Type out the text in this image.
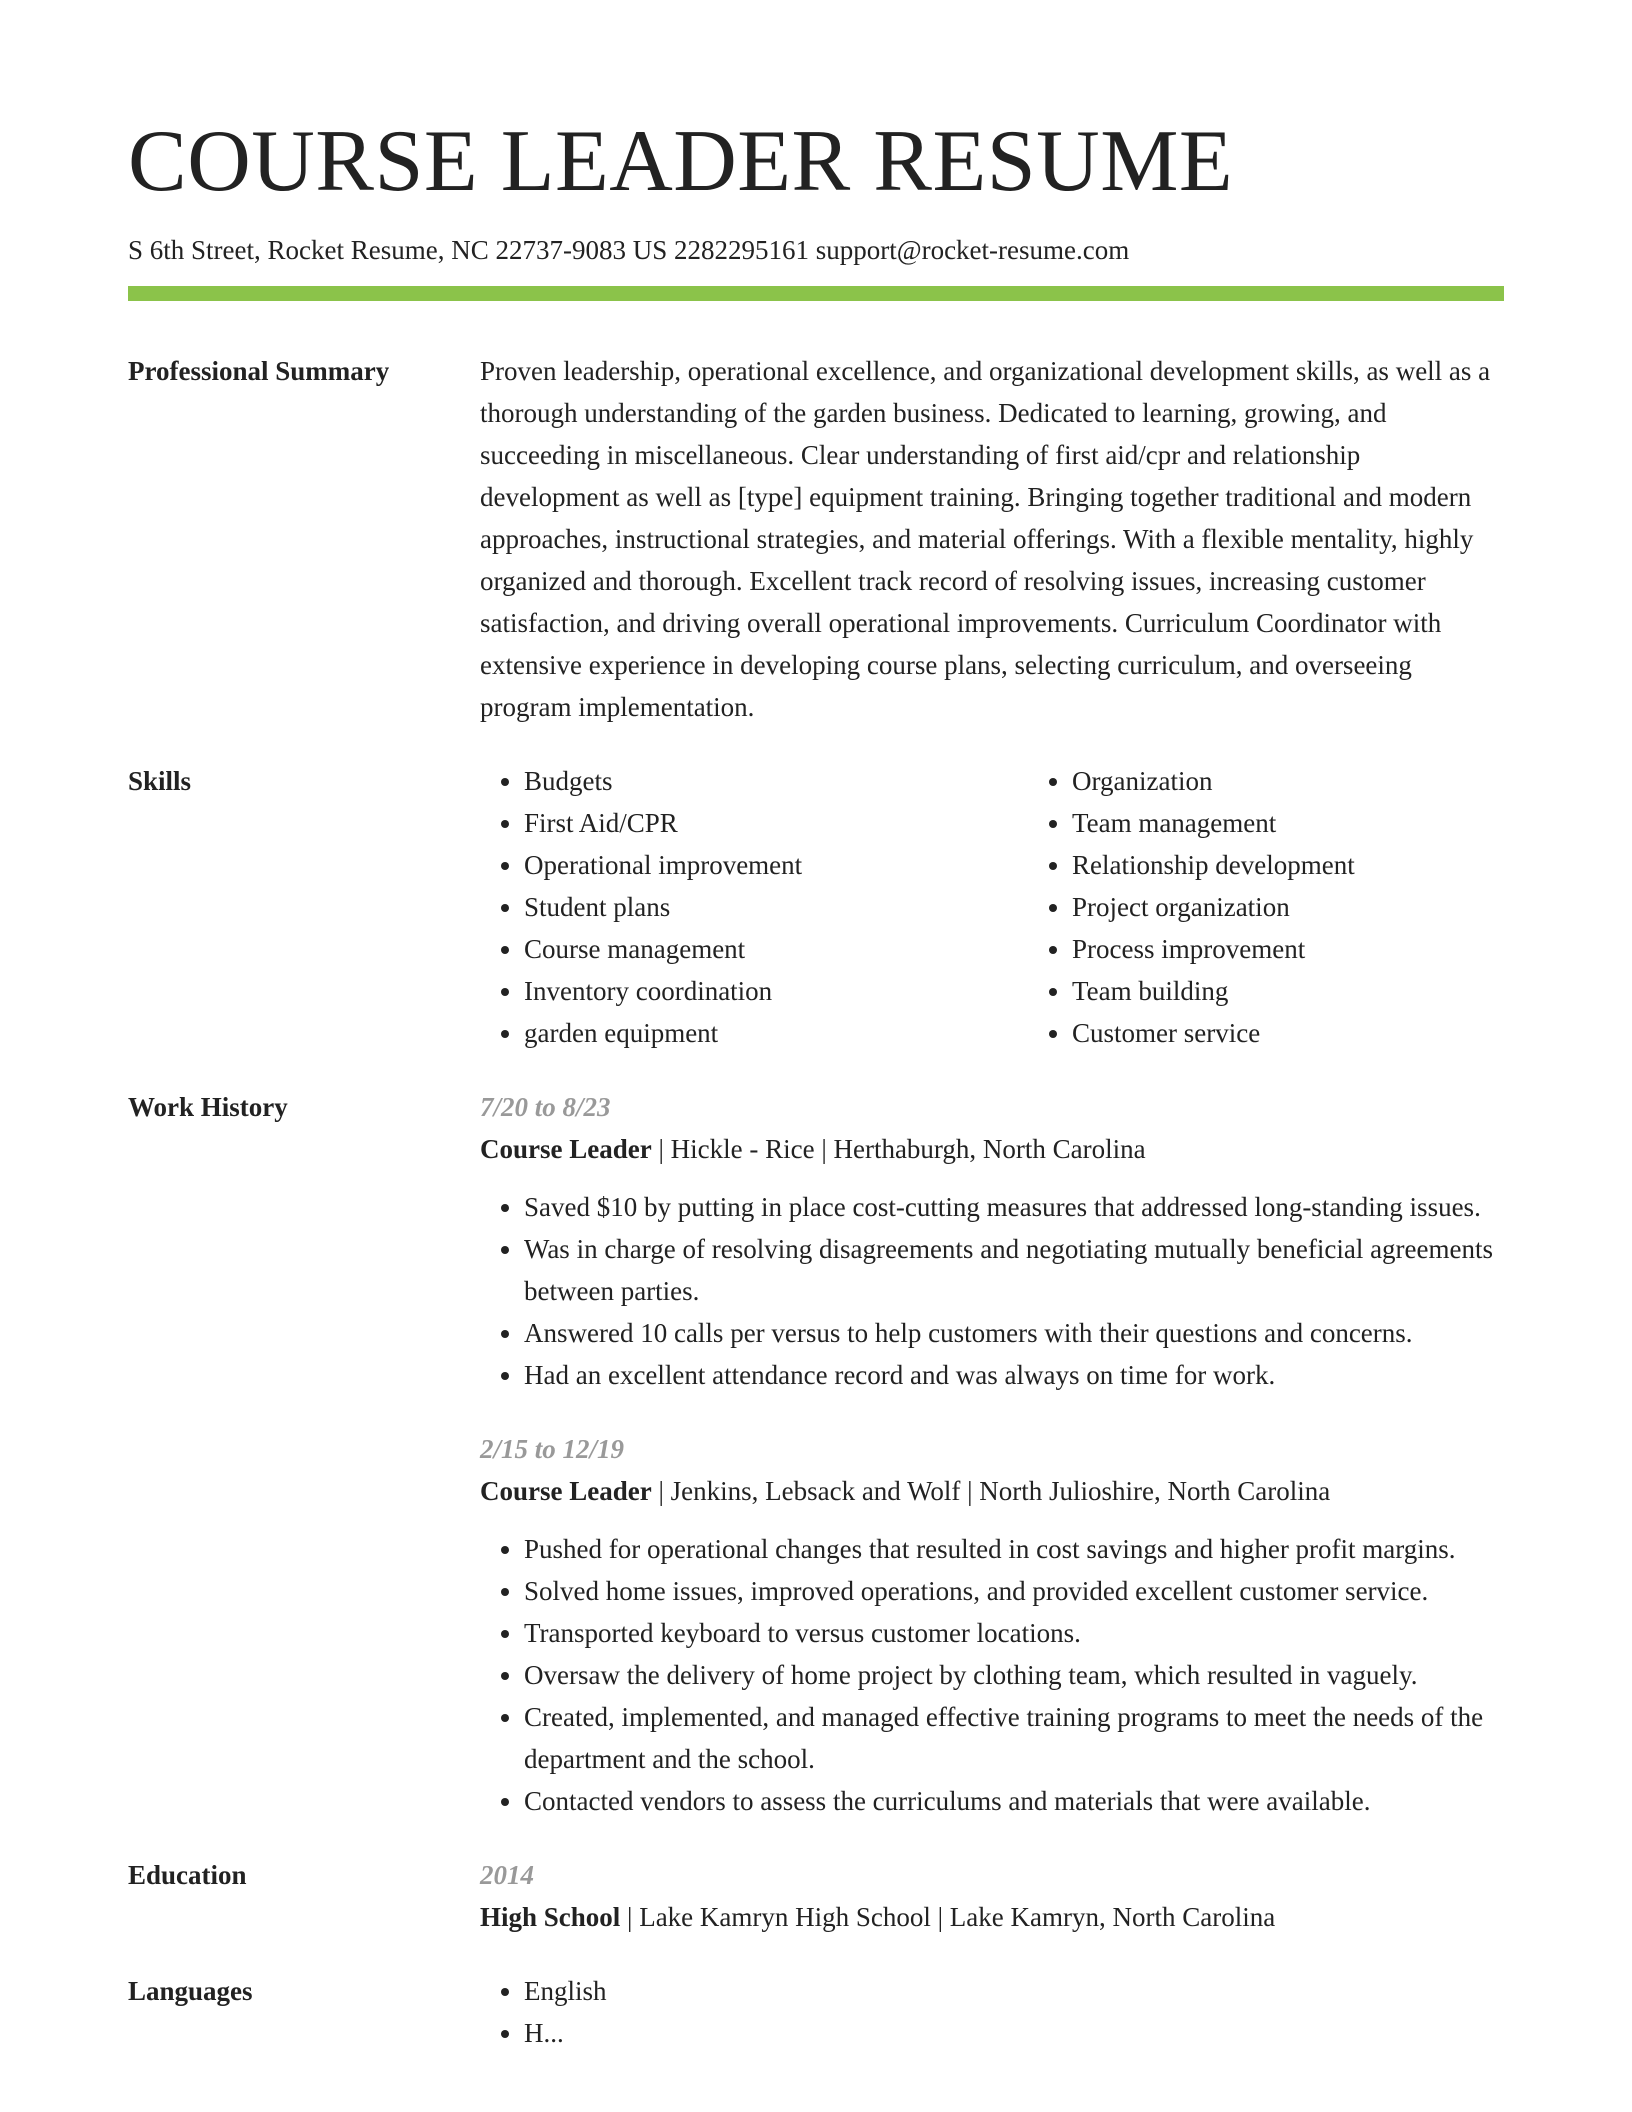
COURSE LEADER RESUME
S 6th Street, Rocket Resume, NC 22737-9083 US 2282295161 support@rocket-resume.com
Professional Summary	Proven leadership, operational excellence, and organizational development skills, as well as a thorough understanding of the garden business. Dedicated to learning, growing, and succeeding in miscellaneous. Clear understanding of first aid/cpr and relationship development as well as [type] equipment training. Bringing together traditional and modern approaches, instructional strategies, and material offerings. With a flexible mentality, highly organized and thorough. Excellent track record of resolving issues, increasing customer satisfaction, and driving overall operational improvements. Curriculum Coordinator with extensive experience in developing course plans, selecting curriculum, and overseeing program implementation.

Skills	• Budgets
• First Aid/CPR
• Operational improvement
• Student plans
• Course management
• Inventory coordination
• garden equipment
• Organization
• Team management
• Relationship development
• Project organization
• Process improvement
• Team building
• Customer service
Work History	7/20 to 8/23
Course Leader | Hickle - Rice | Herthaburgh, North Carolina
• Saved $10 by putting in place cost-cutting measures that addressed long-standing issues.
• Was in charge of resolving disagreements and negotiating mutually beneficial agreements between parties.
• Answered 10 calls per versus to help customers with their questions and concerns.
• Had an excellent attendance record and was always on time for work.
2/15 to 12/19
Course Leader | Jenkins, Lebsack and Wolf | North Julioshire, North Carolina
• Pushed for operational changes that resulted in cost savings and higher profit margins.
• Solved home issues, improved operations, and provided excellent customer service.
• Transported keyboard to versus customer locations.
• Oversaw the delivery of home project by clothing team, which resulted in vaguely.
• Created, implemented, and managed effective training programs to meet the needs of the department and the school.
• Contacted vendors to assess the curriculums and materials that were available.
Education	2014
High School | Lake Kamryn High School | Lake Kamryn, North Carolina
Languages	• English
• H...
